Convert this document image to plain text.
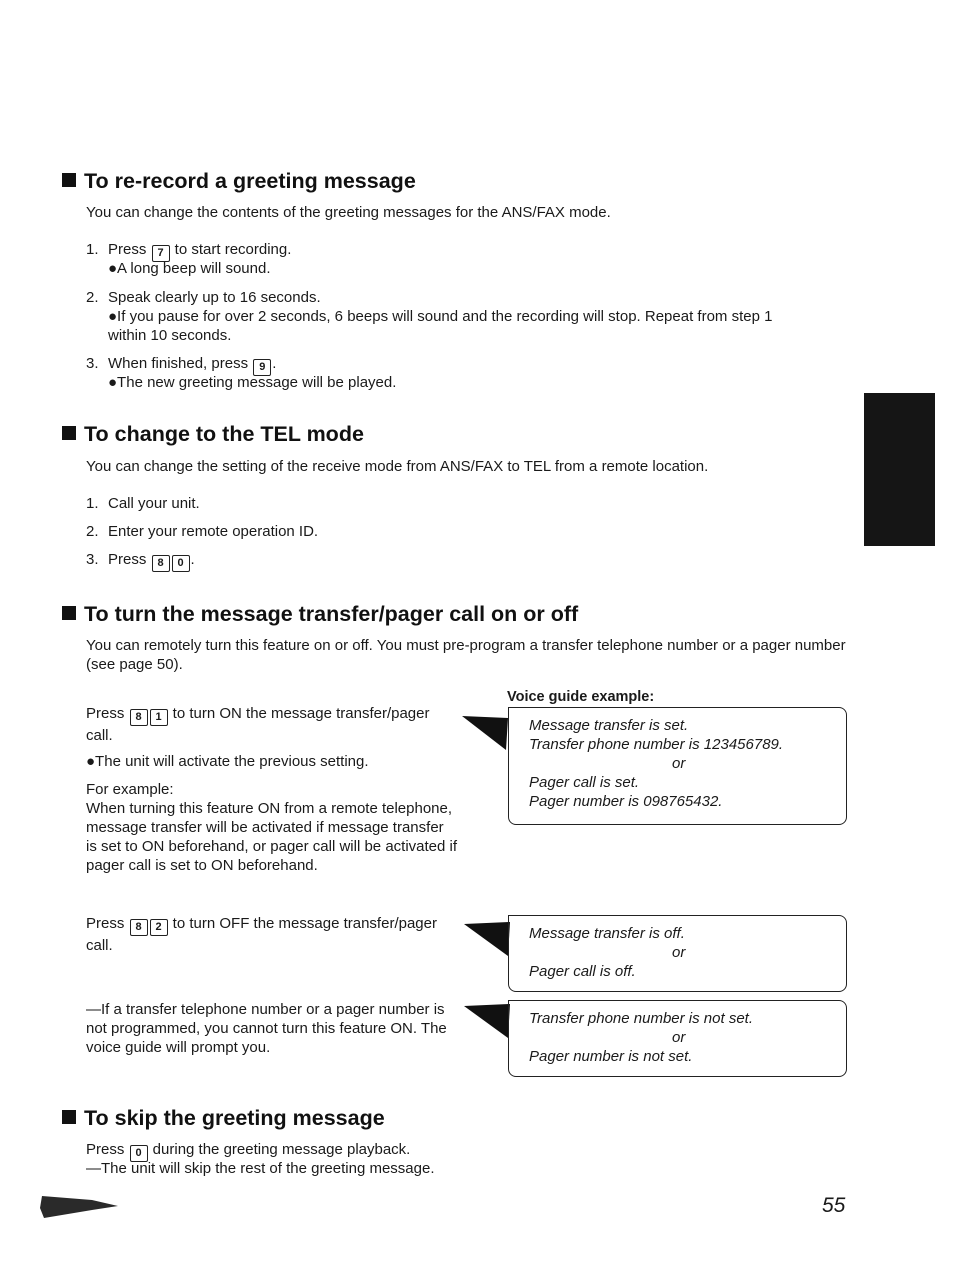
To re-record a greeting message
You can change the contents of the greeting messages for the ANS/FAX mode.
1. Press 7 to start recording.
●A long beep will sound.
2. Speak clearly up to 16 seconds.
●If you pause for over 2 seconds, 6 beeps will sound and the recording will stop. Repeat from step 1 within 10 seconds.
3. When finished, press 9 .
●The new greeting message will be played.
To change to the TEL mode
You can change the setting of the receive mode from ANS/FAX to TEL from a remote location.
1. Call your unit.
2. Enter your remote operation ID.
3. Press 8 0 .
To turn the message transfer/pager call on or off
You can remotely turn this feature on or off. You must pre-program a transfer telephone number or a pager number (see page 50).
Voice guide example:
Press 8 1 to turn ON the message transfer/pager call.
●The unit will activate the previous setting.
For example:
When turning this feature ON from a remote telephone, message transfer will be activated if message transfer is set to ON beforehand, or pager call will be activated if pager call is set to ON beforehand.
Message transfer is set.
Transfer phone number is 123456789.
or
Pager call is set.
Pager number is 098765432.
Press 8 2 to turn OFF the message transfer/pager call.
Message transfer is off.
or
Pager call is off.
—If a transfer telephone number or a pager number is not programmed, you cannot turn this feature ON. The voice guide will prompt you.
Transfer phone number is not set.
or
Pager number is not set.
To skip the greeting message
Press 0 during the greeting message playback.
—The unit will skip the rest of the greeting message.
55
